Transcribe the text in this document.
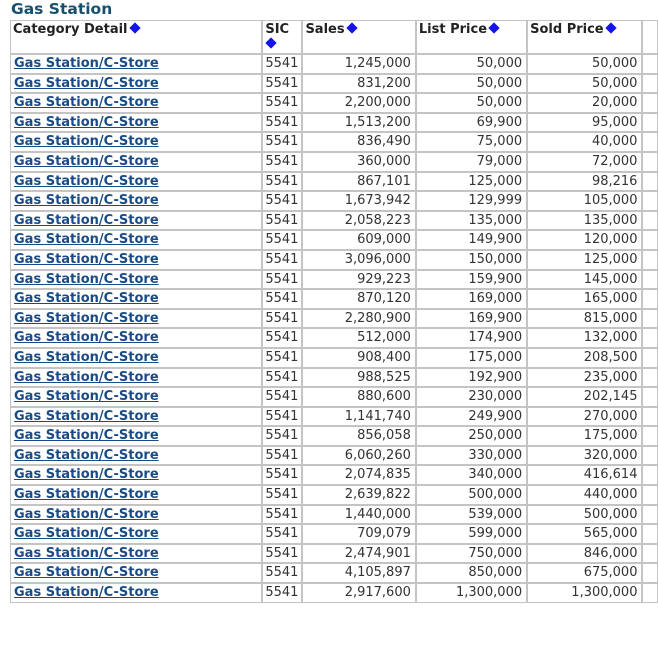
Gas Station
Category Detail	SIC	Sales	List Price	Sold Price	
Gas Station/C-Store	5541	1,245,000	50,000	50,000	
Gas Station/C-Store	5541	831,200	50,000	50,000	
Gas Station/C-Store	5541	2,200,000	50,000	20,000	
Gas Station/C-Store	5541	1,513,200	69,900	95,000	
Gas Station/C-Store	5541	836,490	75,000	40,000	
Gas Station/C-Store	5541	360,000	79,000	72,000	
Gas Station/C-Store	5541	867,101	125,000	98,216	
Gas Station/C-Store	5541	1,673,942	129,999	105,000	
Gas Station/C-Store	5541	2,058,223	135,000	135,000	
Gas Station/C-Store	5541	609,000	149,900	120,000	
Gas Station/C-Store	5541	3,096,000	150,000	125,000	
Gas Station/C-Store	5541	929,223	159,900	145,000	
Gas Station/C-Store	5541	870,120	169,000	165,000	
Gas Station/C-Store	5541	2,280,900	169,900	815,000	
Gas Station/C-Store	5541	512,000	174,900	132,000	
Gas Station/C-Store	5541	908,400	175,000	208,500	
Gas Station/C-Store	5541	988,525	192,900	235,000	
Gas Station/C-Store	5541	880,600	230,000	202,145	
Gas Station/C-Store	5541	1,141,740	249,900	270,000	
Gas Station/C-Store	5541	856,058	250,000	175,000	
Gas Station/C-Store	5541	6,060,260	330,000	320,000	
Gas Station/C-Store	5541	2,074,835	340,000	416,614	
Gas Station/C-Store	5541	2,639,822	500,000	440,000	
Gas Station/C-Store	5541	1,440,000	539,000	500,000	
Gas Station/C-Store	5541	709,079	599,000	565,000	
Gas Station/C-Store	5541	2,474,901	750,000	846,000	
Gas Station/C-Store	5541	4,105,897	850,000	675,000	
Gas Station/C-Store	5541	2,917,600	1,300,000	1,300,000	
